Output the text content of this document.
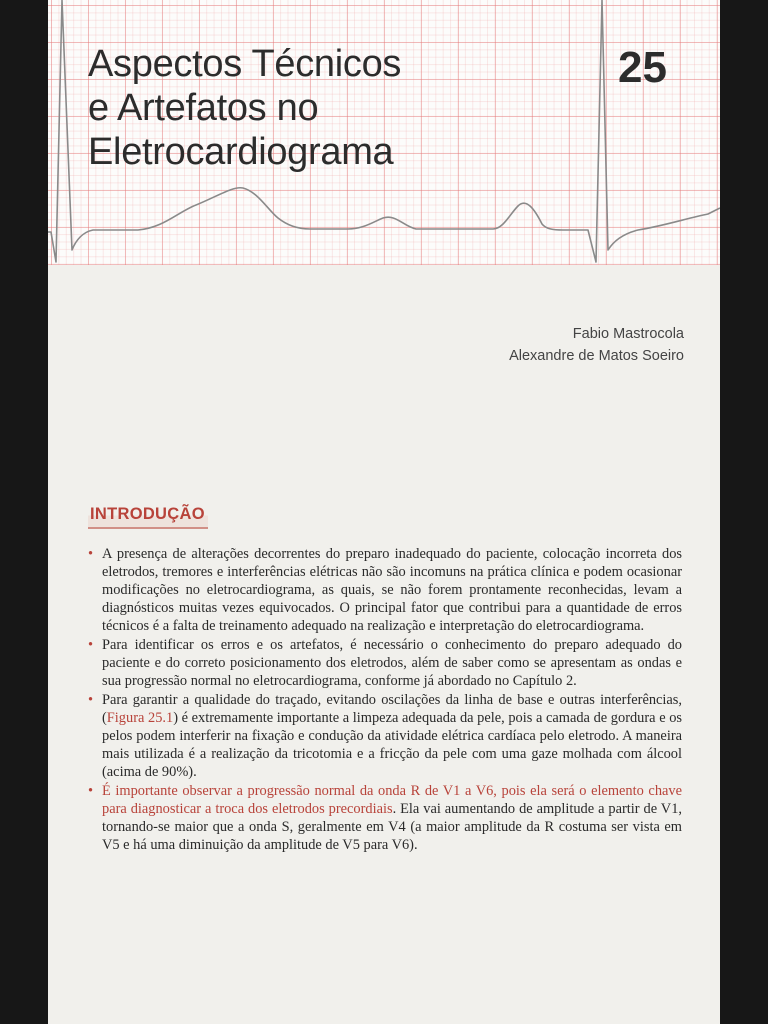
Aspectos Técnicos
e Artefatos no
Eletrocardiograma
25
Fabio Mastrocola
Alexandre de Matos Soeiro
INTRODUÇÃO
• A presença de alterações decorrentes do preparo inadequado do paciente, colocação incorreta dos eletrodos, tremores e interferências elétricas não são incomuns na prática clínica e podem ocasionar modificações no eletrocardiograma, as quais, se não forem prontamente reconhecidas, levam a diagnósticos muitas vezes equivocados. O principal fator que contribui para a quantidade de erros técnicos é a falta de treinamento adequado na realização e interpretação do eletrocardiograma.
• Para identificar os erros e os artefatos, é necessário o conhecimento do preparo adequado do paciente e do correto posicionamento dos eletrodos, além de saber como se apresentam as ondas e sua progressão normal no eletrocardiograma, conforme já abordado no Capítulo 2.
• Para garantir a qualidade do traçado, evitando oscilações da linha de base e outras interferências, (Figura 25.1) é extremamente importante a limpeza adequada da pele, pois a camada de gordura e os pelos podem interferir na fixação e condução da atividade elétrica cardíaca pelo eletrodo. A maneira mais utilizada é a realização da tricotomia e a fricção da pele com uma gaze molhada com álcool (acima de 90%).
• É importante observar a progressão normal da onda R de V1 a V6, pois ela será o elemento chave para diagnosticar a troca dos eletrodos precordiais. Ela vai aumentando de amplitude a partir de V1, tornando-se maior que a onda S, geralmente em V4 (a maior amplitude da R costuma ser vista em V5 e há uma diminuição da amplitude de V5 para V6).
